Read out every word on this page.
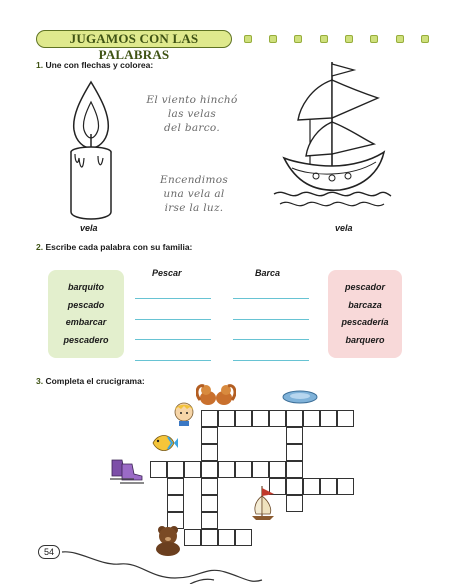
JUGAMOS CON LAS PALABRAS
1. Une con flechas y colorea:
El viento hinchó
las velas
del barco.
Encendimos
una vela al
irse la luz.
vela	vela
2. Escribe cada palabra con su familia:
barquito
pescado
embarcar
pescadero
Pescar	Barca
pescador
barcaza
pescadería
barquero
3. Completa el crucigrama:
54
